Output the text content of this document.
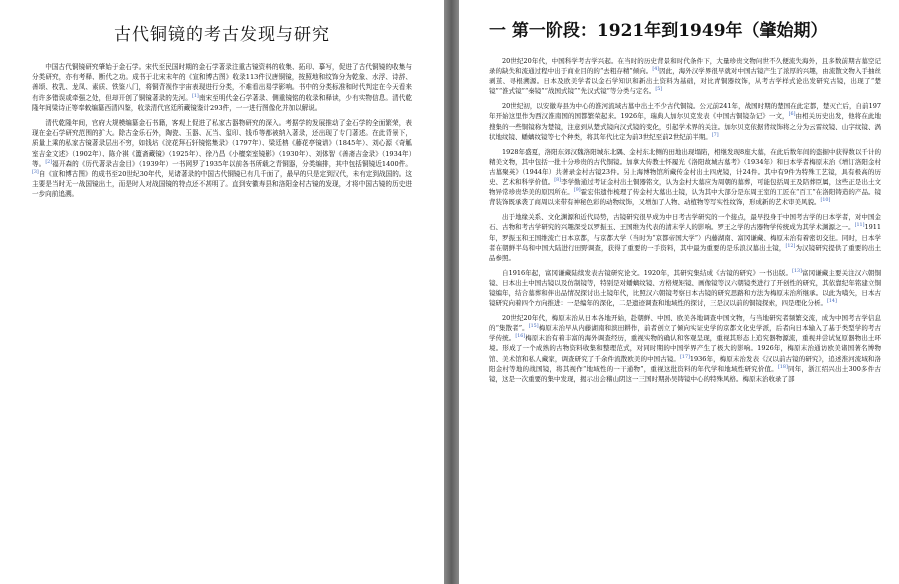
古代铜镜的考古发现与研究

中国古代铜镜研究肇始于金石学。宋代至民国时期的金石学著录注重古镜资料的收集、拓印、摹写，促进了古代铜镜的收集与分类研究，亦有考释、断代之功。成书于北宋末年的《宣和博古图》收录113件汉唐铜镜，按照地和纹饰分为乾象、水浮、诗辞、善颂、枚乳、龙凤、素质、铁鉴八门，将铜背视作宇宙表现进行分类，不难看出易学影响。书中的分类标准和时代判定在今天看来有许多错误或牵强之处，但却开创了铜镜著录的先河。[1]南宋至明代金石学著录、侧重镜铭的收录和释读，少有实物信息。清代乾隆年间梁诗正等奉敕编纂西清四鉴，收录清代宫廷所藏镜鉴计293件，一一进行图像化并加以解说。

清代乾隆年间，官府大规模编纂金石书籍，客观上促进了私家古器物研究的深入。考据学的发展推动了金石学的全面繁荣，表现在金石学研究范围的扩大。除古金乐石外，陶瓷、玉器、瓦当、玺印、钱币等都被纳入著录，还出现了专门著述。在此背景下，质量上乘的私家古镜著录层出不穷，如钱坫《浣花拜石轩镜铭集录》（1797年）、梁廷柟《藤花亭镜谱》（1845年）、刘心源《奇觚室吉金文述》（1902年）、陈介祺《簠斋藏镜》（1925年）、徐乃昌《小檀栾室镜影》（1930年）、刘体智《善斋吉金录》（1934年）等。[2]福开森的《历代著录吉金目》（1939年）一书网罗了1935年以前各书所载之青铜器，分类编排，其中包括铜镜近1400件。[3]自《宣和博古图》的成书至20世纪30年代，见诸著录的中国古代铜镜已有几千面了，最早的只是定到汉代，未有定到战国的。这主要是当时无一战国镜出土，而是时人对战国镜的特点还不甚明了。直到安徽寿县和洛阳金村古镜的发现，才将中国古镜的历史进一步向前追溯。

一 第一阶段：1921年到1949年（肇始期）

20世纪20年代，中国科学考古学兴起。在当时的历史背景和时代条件下，大量珍贵文物问世不久便流失海外，且多数前期古墓空记录的缺失和流通过程中出于商业目的的“去粗存精”倾向。[4]因此，海外汉学界很早就对中国古镜产生了浓厚的兴趣，由流散文物入手抽丝剥茧、寻根溯源。日本及欧美学者以金石学知识和新出土资料为基础，对比青铜器纹饰，从考古学样式论出发研究古镜，出现了“楚镜”“淮式镜”“秦镜”“战国式镜”“先汉式镜”等分类与定名。[5]

20世纪初，以安徽寿县为中心的淮河流域古墓中出土不少古代铜镜。公元前241年，战国时期的楚国在此定都，楚灭亡后，自前197年开始这里作为西汉淮南国的国都繁荣起来。1926年，瑞典人加尔贝克发表《中国古铜镜杂记》一文，[6]由相关历史出发，他将在此地搜集的一些铜镜称为楚镜，注意到从楚式镜向汉式镜的变化，引起学术界的关注。加尔贝克依据背纹饰将之分为云雷纹镜、山字纹镜、涡状地纹镜、蟠螭纹镜等七个种类，将其年代比定为前3世纪至前2世纪前半期。[7]

1928年盛夏，洛阳东郊汉魏洛阳城东北隅、金村东北侧的田地出现塌陷，相继发现8座大墓，在此后数年间的盗掘中获得数以千计的精美文物，其中包括一批十分珍贵的古代铜镜。加拿大传教士怀履光《洛阳故城古墓考》（1934年）和日本学者梅原末治《增订洛阳金村古墓聚英》（1944年）共著录金村古镜23件。另上海博物馆所藏传金村出土四虎镜，计24件。其中有9件为特殊工艺镜，具有极高的历史、艺术和科学价值。[8]李学勤通过考证金村出土铜器铭文，认为金村大墓应为周朝的墓葬，可能包括周王及陪葬臣属，这些正是出土文物异常珍贵华美的原因所在。[9]霍宏伟遗作梳理了传金村大墓出土镜，认为其中大部分是东周王室的工匠在“百工”在洛阳铸造的产品。镜背装饰既承袭了商周以来带有神秘色彩的动物纹饰，又增加了人物、动植物等写实性纹饰，形成新的艺术审美风貌。[10]

出于地缘关系、文化渊源和近代局势，古镜研究很早成为中日考古学研究的一个接点，最早投身于中国考古学的日本学者，对中国金石、古物和考古学研究的兴趣深受以罗振玉、王国维为代表的清末学人的影响。罗王之学的古器物学传统成为其学术渊源之一。[11]1911年，罗振玉和王国维流亡日本京都，与京都大学（当时为“京都帝国大学”）内藤湖南、富冈谦藏、梅原末治有着密切交往。同时，日本学者在朝鲜半岛和中国大陆进行田野调查，获得了重要的一手资料，其中最为重要的是乐浪汉墓出土镜，[12]为汉镜研究提供了重要的出土品参照。

自1916年起，富冈谦藏陆续发表古镜研究论文。1920年，其研究集结成《古镜的研究》一书出版。[13]富冈谦藏主要关注汉六朝铜镜、日本出土中国古镜以及仿制镜等，特别是对蟠螭纹镜、方格规矩镜、画像镜等汉六朝镜类进行了开创性的研究，其依靠纪年铭建立铜镜编年，结合墓葬和伴出品情况探讨出土镜年代，比照汉六朝镜考察日本古镜的研究思路和方法为梅原末治所继承。以此为嚆矢，日本古镜研究向着四个方向推进：一是编年的深化，二是遗迹调查和地域性的探讨，三是汉以前的铜镜探索，四是理化分析。[14]

20世纪20年代，梅原末治从日本各地开始，赴朝鲜、中国、欧美各地调查中国文物，与当地研究者频繁交流，成为中国考古学信息的“集散者”。[15]梅原末治早从内藤湖南和滨田耕作，前者创立了倾向实证史学的京都文化史学派，后者向日本输入了基于类型学的考古学传统。[16]梅原末治有着丰富的海外调查经历，重视实物的确认和客观呈现，重视其形态上追究器物源流，重视并尝试复原器物出土环境。形成了一个成熟的古物资料收集和整理范式，对同时期的中国学界产生了极大的影响。1926年，梅原末治通访欧美诸国著名博物馆、美术馆和私人藏家，调查研究了千余件流散欧美的中国古镜。[17]1936年，梅原末治发表《汉以前古镜的研究》，追述淮河流域和洛阳金村等地的战国镜，将其视作“地域性的一干通物”，重视这批资料的年代学和地域性研究价值。[18]同年，浙江绍兴出土300多件古镜，这是一次重要的集中发现，揭示出会稽山阴这一三国时期孙吴铸镜中心的特殊风格。梅原末治收录了部
